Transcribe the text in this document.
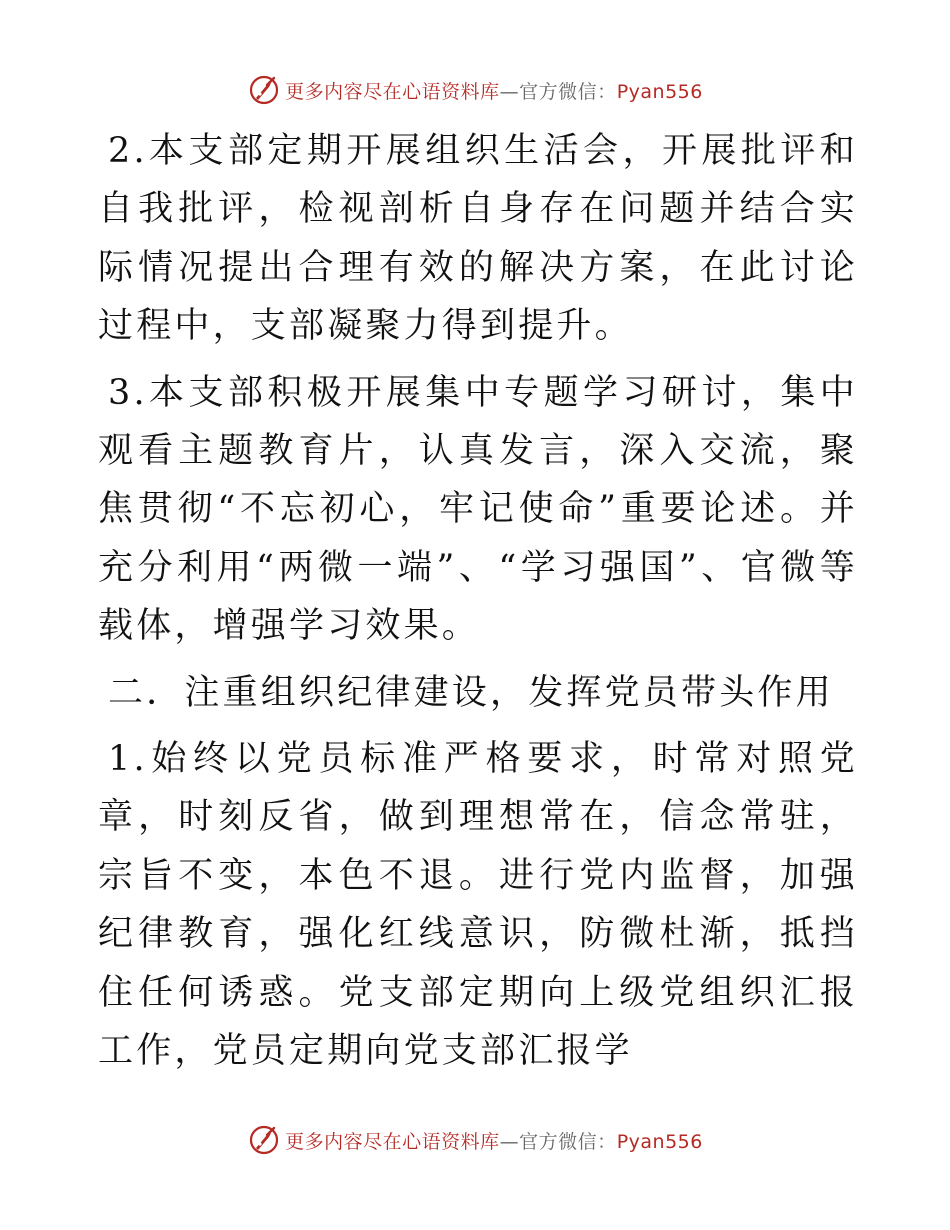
更多内容尽在心语资料库—官方微信：Pyan556

2.本支部定期开展组织生活会，开展批评和自我批评，检视剖析自身存在问题并结合实际情况提出合理有效的解决方案，在此讨论过程中，支部凝聚力得到提升。

3.本支部积极开展集中专题学习研讨，集中观看主题教育片，认真发言，深入交流，聚焦贯彻“不忘初心，牢记使命”重要论述。并充分利用“两微一端”、“学习强国”、官微等载体，增强学习效果。

二．注重组织纪律建设，发挥党员带头作用

1.始终以党员标准严格要求，时常对照党章，时刻反省，做到理想常在，信念常驻，宗旨不变，本色不退。进行党内监督，加强纪律教育，强化红线意识，防微杜渐，抵挡住任何诱惑。党支部定期向上级党组织汇报工作，党员定期向党支部汇报学

更多内容尽在心语资料库—官方微信：Pyan556
